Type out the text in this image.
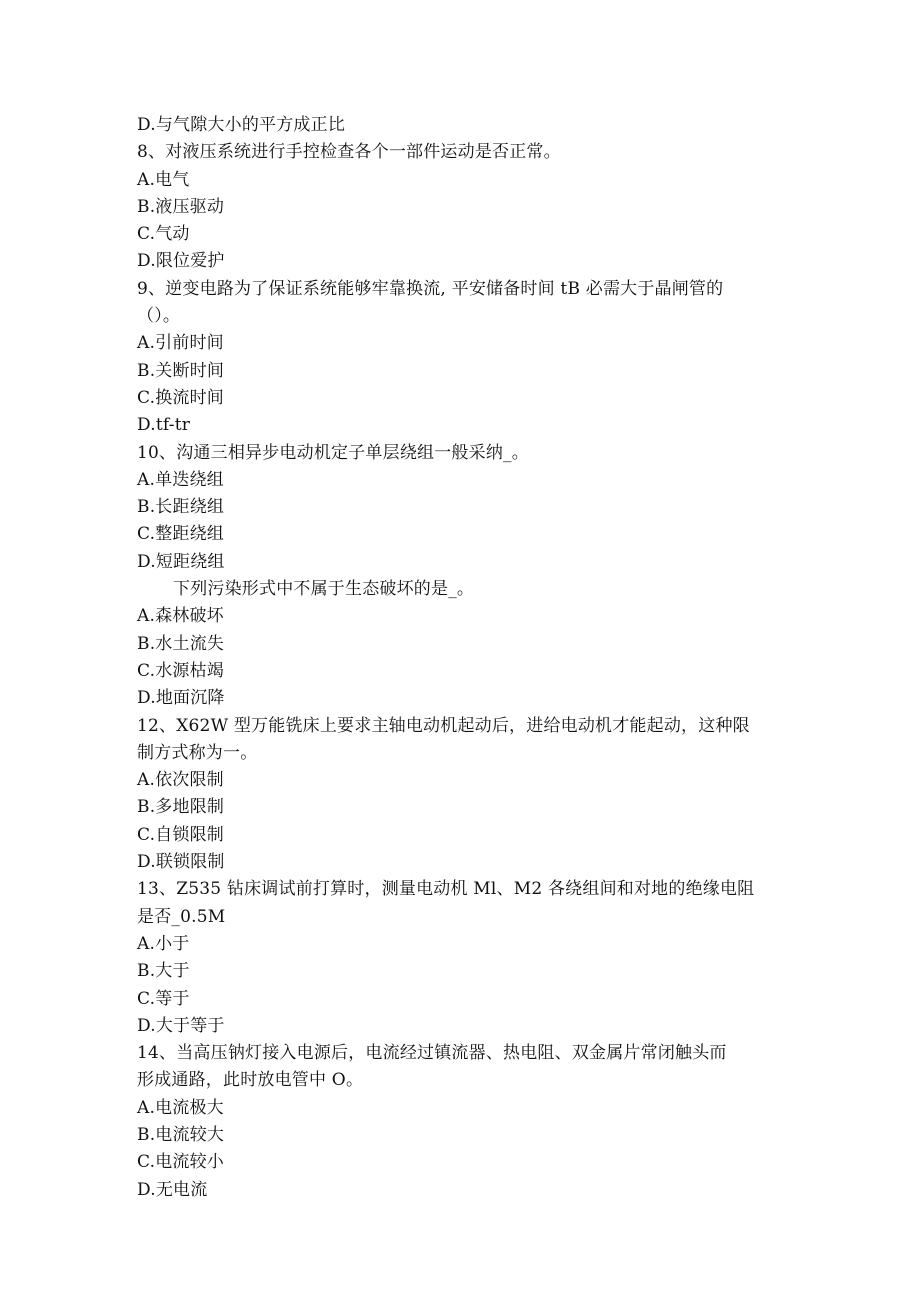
D.与气隙大小的平方成正比
8、对液压系统进行手控检查各个一部件运动是否正常。
A.电气
B.液压驱动
C.气动
D.限位爱护
9、逆变电路为了保证系统能够牢靠换流, 平安储备时间 tB 必需大于晶闸管的
（）。
A.引前时间
B.关断时间
C.换流时间
D.tf-tr
10、沟通三相异步电动机定子单层绕组一般采纳_。
A.单迭绕组
B.长距绕组
C.整距绕组
D.短距绕组
下列污染形式中不属于生态破坏的是_。
A.森林破坏
B.水土流失
C.水源枯竭
D.地面沉降
12、X62W 型万能铣床上要求主轴电动机起动后，进给电动机才能起动，这种限
制方式称为一。
A.依次限制
B.多地限制
C.自锁限制
D.联锁限制
13、Z535 钻床调试前打算时，测量电动机 Ml、M2 各绕组间和对地的绝缘电阻
是否_0.5M
A.小于
B.大于
C.等于
D.大于等于
14、当高压钠灯接入电源后，电流经过镇流器、热电阻、双金属片常闭触头而
形成通路，此时放电管中 O。
A.电流极大
B.电流较大
C.电流较小
D.无电流
